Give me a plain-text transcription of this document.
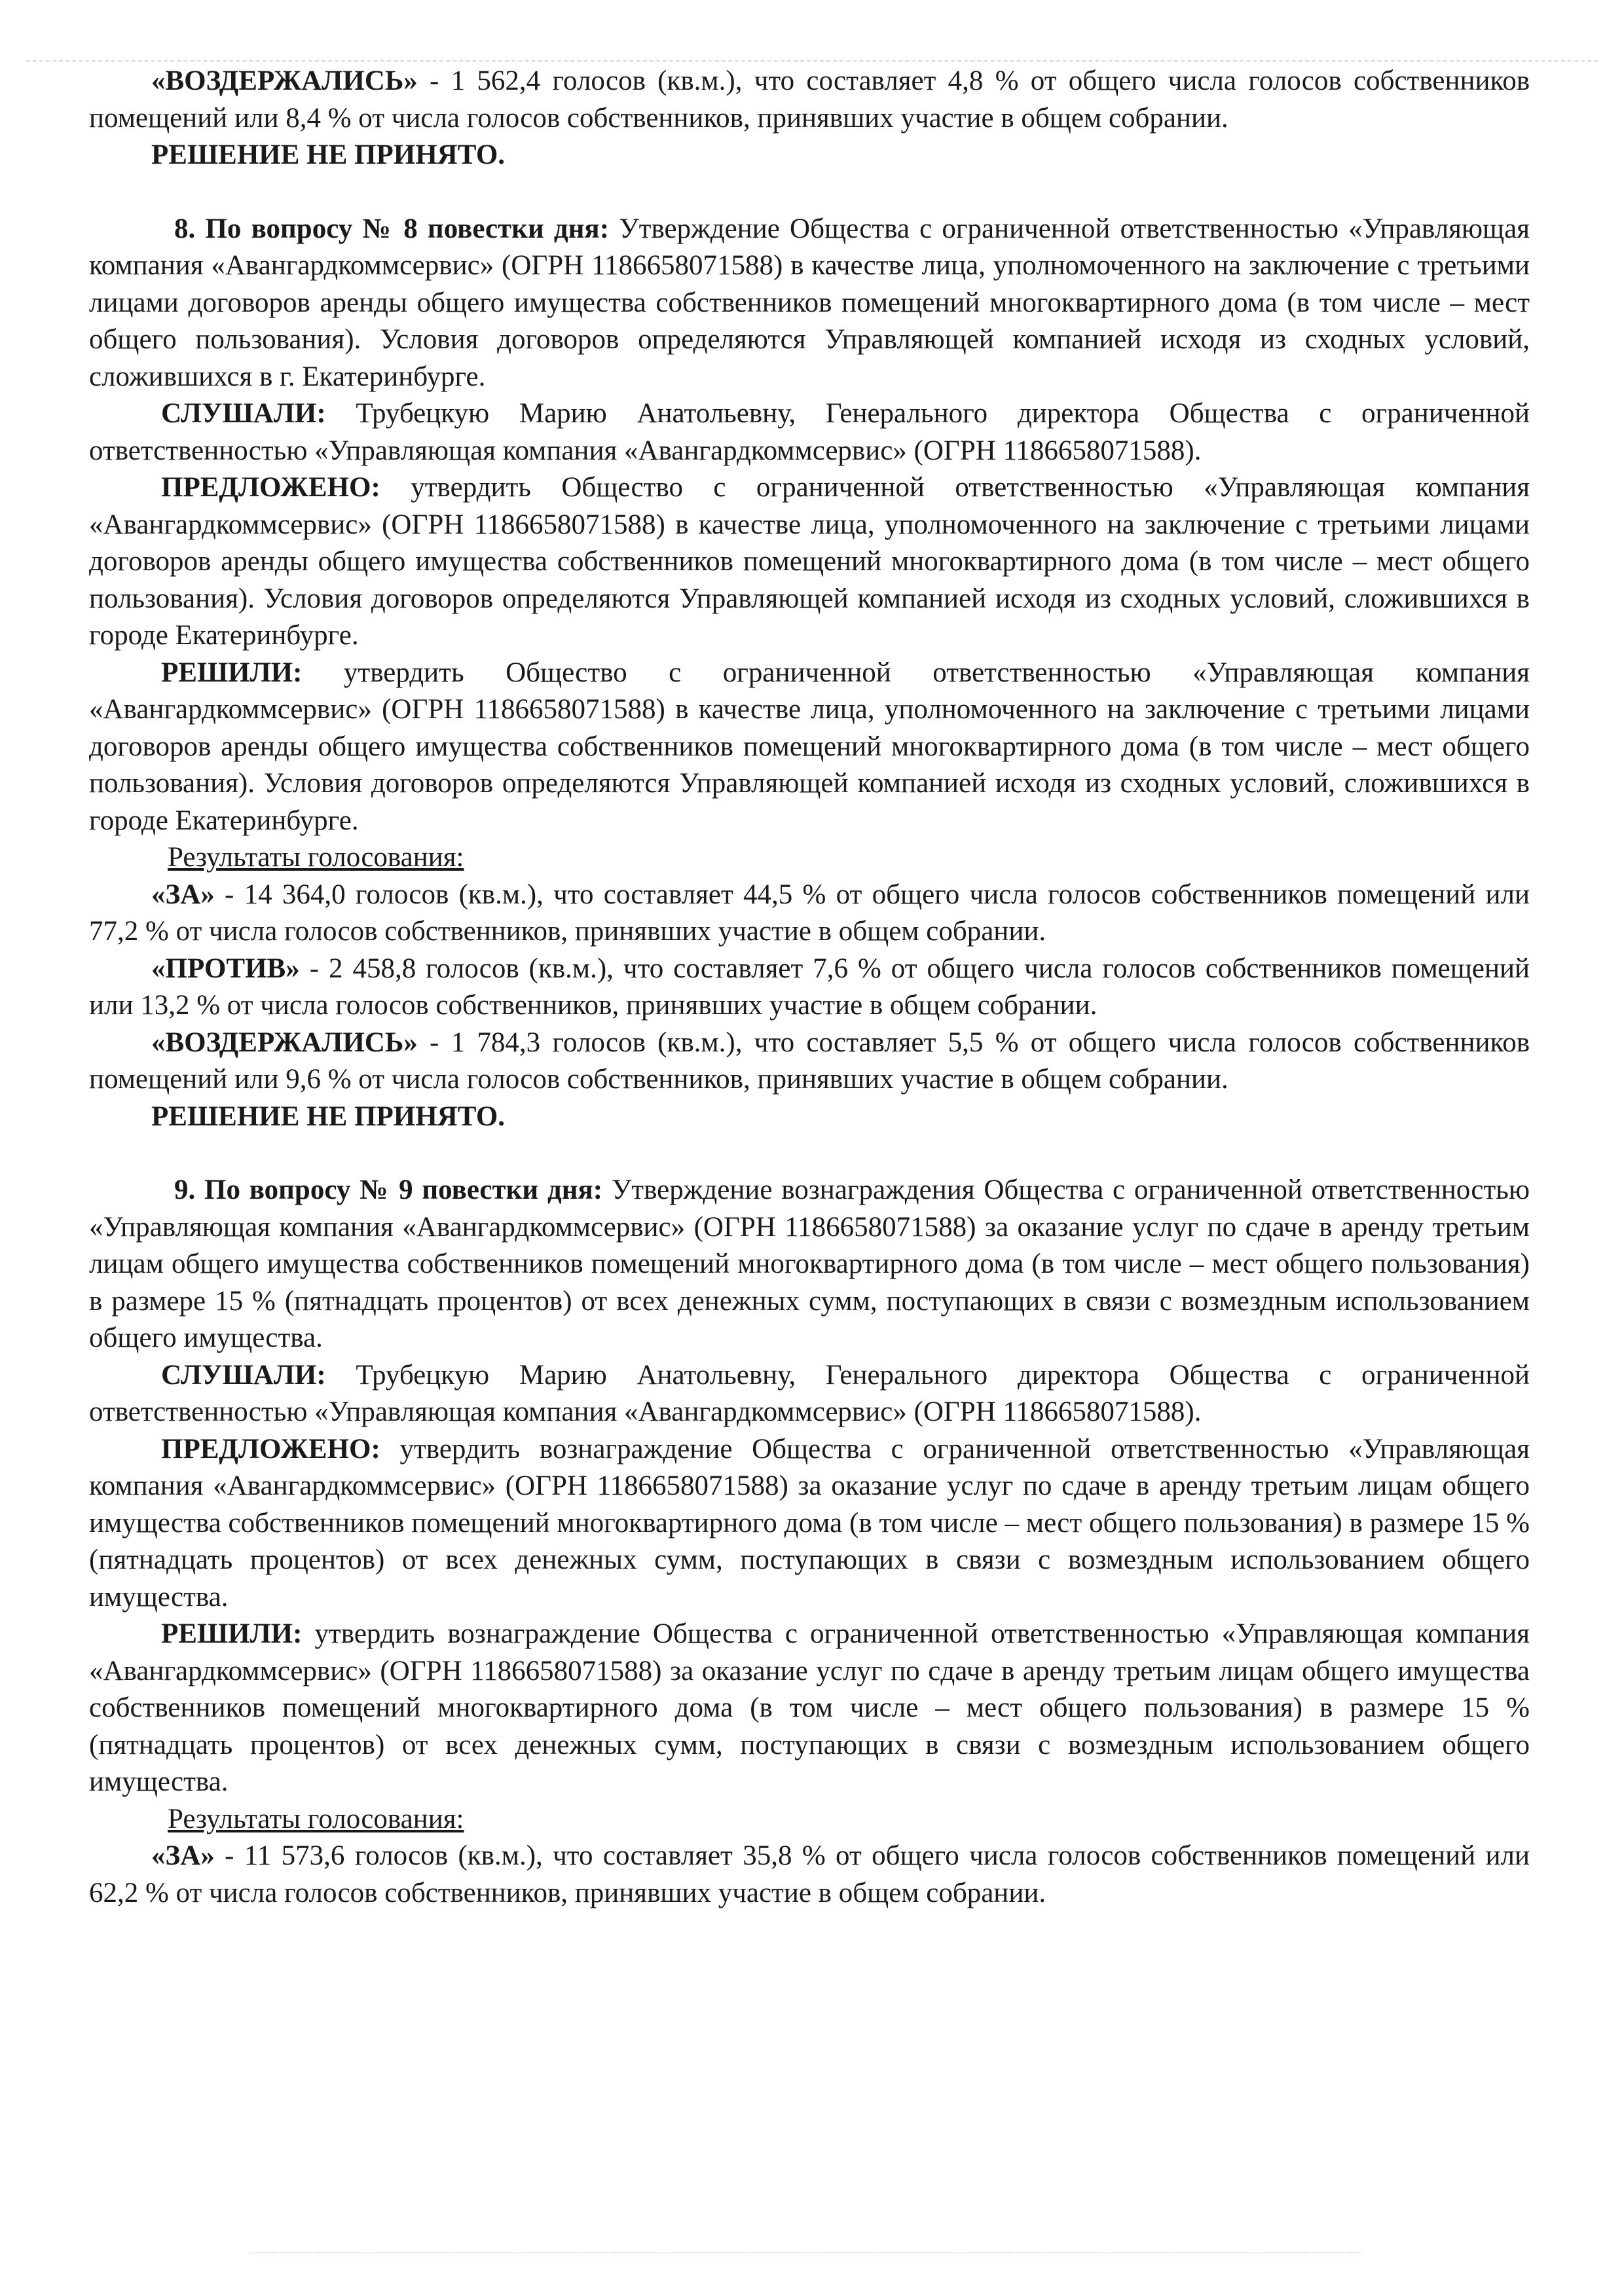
«ВОЗДЕРЖАЛИСЬ» - 1 562,4 голосов (кв.м.), что составляет 4,8 % от общего числа голосов собственников помещений или 8,4 % от числа голосов собственников, принявших участие в общем собрании.

РЕШЕНИЕ НЕ ПРИНЯТО.

8. По вопросу № 8 повестки дня: Утверждение Общества с ограниченной ответственностью «Управляющая компания «Авангардкоммсервис» (ОГРН 1186658071588) в качестве лица, уполномоченного на заключение с третьими лицами договоров аренды общего имущества собственников помещений многоквартирного дома (в том числе – мест общего пользования). Условия договоров определяются Управляющей компанией исходя из сходных условий, сложившихся в г. Екатеринбурге.

СЛУШАЛИ: Трубецкую Марию Анатольевну, Генерального директора Общества с ограниченной ответственностью «Управляющая компания «Авангардкоммсервис» (ОГРН 1186658071588).

ПРЕДЛОЖЕНО: утвердить Общество с ограниченной ответственностью «Управляющая компания «Авангардкоммсервис» (ОГРН 1186658071588) в качестве лица, уполномоченного на заключение с третьими лицами договоров аренды общего имущества собственников помещений многоквартирного дома (в том числе – мест общего пользования). Условия договоров определяются Управляющей компанией исходя из сходных условий, сложившихся в городе Екатеринбурге.

РЕШИЛИ: утвердить Общество с ограниченной ответственностью «Управляющая компания «Авангардкоммсервис» (ОГРН 1186658071588) в качестве лица, уполномоченного на заключение с третьими лицами договоров аренды общего имущества собственников помещений многоквартирного дома (в том числе – мест общего пользования). Условия договоров определяются Управляющей компанией исходя из сходных условий, сложившихся в городе Екатеринбурге.

Результаты голосования:

«ЗА» - 14 364,0 голосов (кв.м.), что составляет 44,5 % от общего числа голосов собственников помещений или 77,2 % от числа голосов собственников, принявших участие в общем собрании.

«ПРОТИВ» - 2 458,8 голосов (кв.м.), что составляет 7,6 % от общего числа голосов собственников помещений или 13,2 % от числа голосов собственников, принявших участие в общем собрании.

«ВОЗДЕРЖАЛИСЬ» - 1 784,3 голосов (кв.м.), что составляет 5,5 % от общего числа голосов собственников помещений или 9,6 % от числа голосов собственников, принявших участие в общем собрании.

РЕШЕНИЕ НЕ ПРИНЯТО.

9. По вопросу № 9 повестки дня: Утверждение вознаграждения Общества с ограниченной ответственностью «Управляющая компания «Авангардкоммсервис» (ОГРН 1186658071588) за оказание услуг по сдаче в аренду третьим лицам общего имущества собственников помещений многоквартирного дома (в том числе – мест общего пользования) в размере 15 % (пятнадцать процентов) от всех денежных сумм, поступающих в связи с возмездным использованием общего имущества.

СЛУШАЛИ: Трубецкую Марию Анатольевну, Генерального директора Общества с ограниченной ответственностью «Управляющая компания «Авангардкоммсервис» (ОГРН 1186658071588).

ПРЕДЛОЖЕНО: утвердить вознаграждение Общества с ограниченной ответственностью «Управляющая компания «Авангардкоммсервис» (ОГРН 1186658071588) за оказание услуг по сдаче в аренду третьим лицам общего имущества собственников помещений многоквартирного дома (в том числе – мест общего пользования) в размере 15 % (пятнадцать процентов) от всех денежных сумм, поступающих в связи с возмездным использованием общего имущества.

РЕШИЛИ: утвердить вознаграждение Общества с ограниченной ответственностью «Управляющая компания «Авангардкоммсервис» (ОГРН 1186658071588) за оказание услуг по сдаче в аренду третьим лицам общего имущества собственников помещений многоквартирного дома (в том числе – мест общего пользования) в размере 15 % (пятнадцать процентов) от всех денежных сумм, поступающих в связи с возмездным использованием общего имущества.

Результаты голосования:

«ЗА» - 11 573,6 голосов (кв.м.), что составляет 35,8 % от общего числа голосов собственников помещений или 62,2 % от числа голосов собственников, принявших участие в общем собрании.
